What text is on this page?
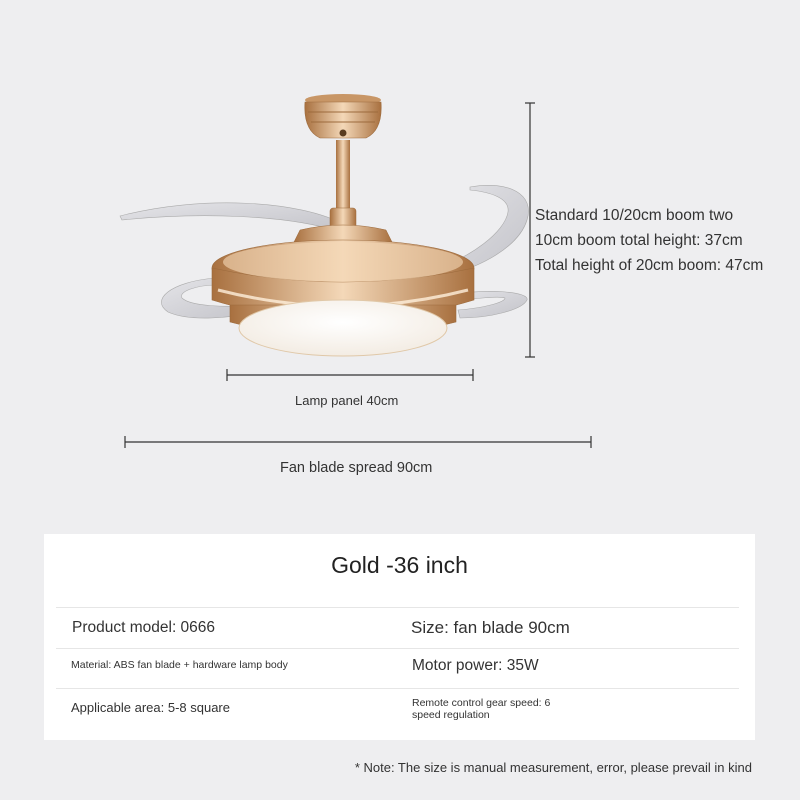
Standard 10/20cm boom two
10cm boom total height: 37cm
Total height of 20cm boom: 47cm
Lamp panel 40cm
Fan blade spread 90cm
Gold -36 inch
Product model: 0666	Size: fan blade 90cm
Material: ABS fan blade + hardware lamp body	Motor power: 35W
Applicable area: 5-8 square	Remote control gear speed: 6 speed regulation
* Note: The size is manual measurement, error, please prevail in kind
